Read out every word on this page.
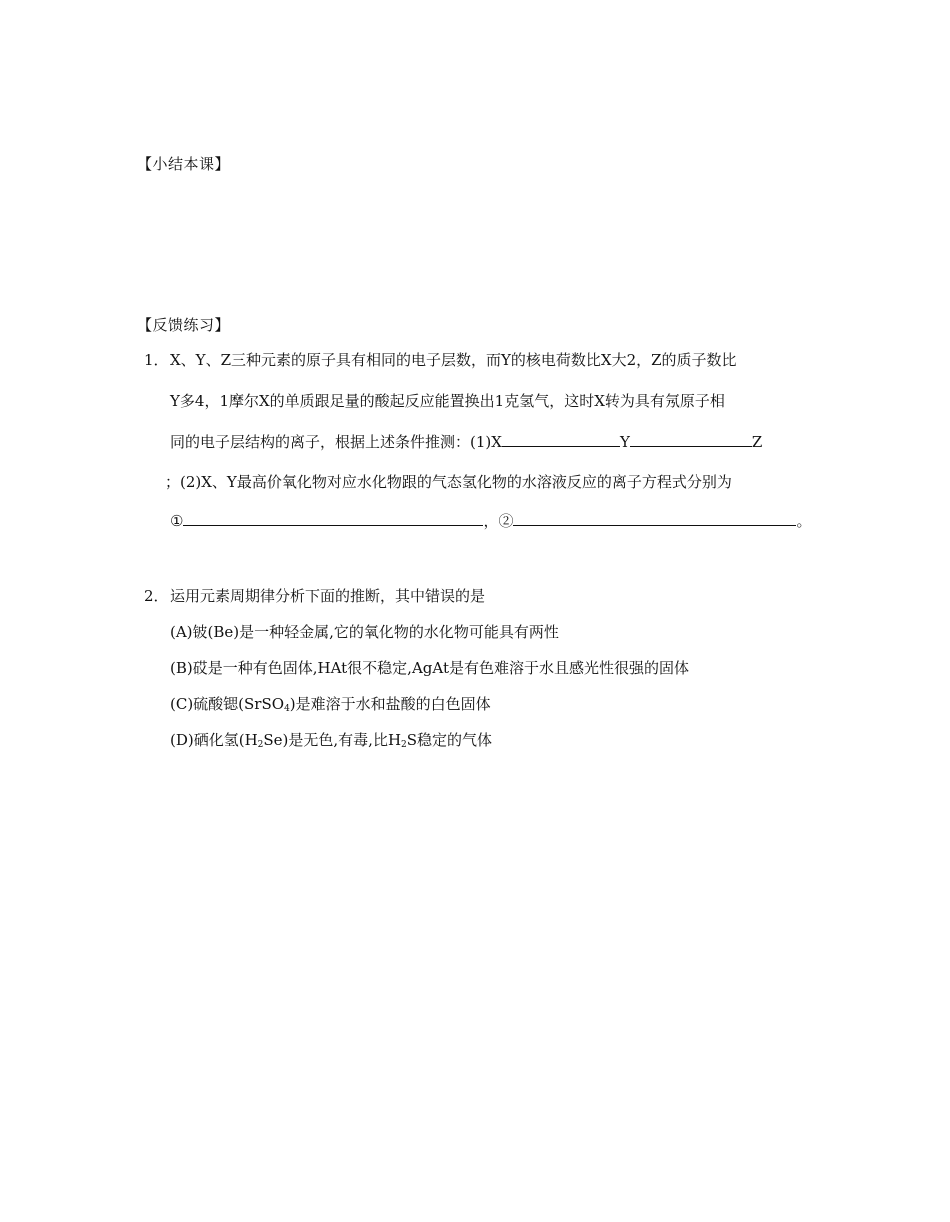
【小结本课】
【反馈练习】
1． X、Y、Z三种元素的原子具有相同的电子层数，而Y的核电荷数比X大2，Z的质子数比
Y多4，1摩尔X的单质跟足量的酸起反应能置换出1克氢气，这时X转为具有氖原子相
同的电子层结构的离子，根据上述条件推测：(1)X	Y	Z
；(2)X、Y最高价氧化物对应水化物跟的气态氢化物的水溶液反应的离子方程式分别为
①	，②	。
2． 运用元素周期律分析下面的推断，其中错误的是
(A)铍(Be)是一种轻金属,它的氧化物的水化物可能具有两性
(B)砹是一种有色固体,HAt很不稳定,AgAt是有色难溶于水且感光性很强的固体
(C)硫酸锶(SrSO$_4$)是难溶于水和盐酸的白色固体
(D)硒化氢$(H_2Se)$是无色,有毒,比$H_2S$稳定的气体
